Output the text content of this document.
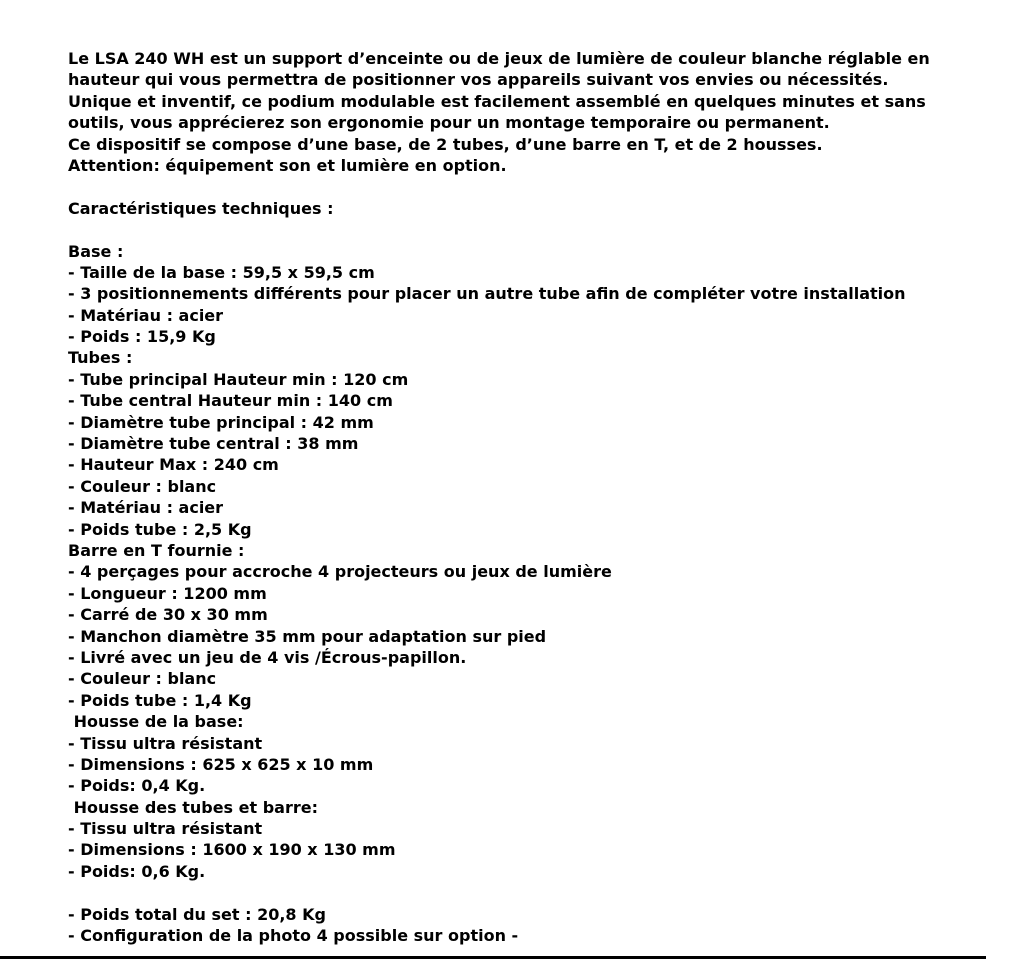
Le LSA 240 WH est un support d’enceinte ou de jeux de lumière de couleur blanche réglable en
hauteur qui vous permettra de positionner vos appareils suivant vos envies ou nécessités.
Unique et inventif, ce podium modulable est facilement assemblé en quelques minutes et sans
outils, vous apprécierez son ergonomie pour un montage temporaire ou permanent.
Ce dispositif se compose d’une base, de 2 tubes, d’une barre en T, et de 2 housses.
Attention: équipement son et lumière en option.
Caractéristiques techniques :
Base :
- Taille de la base : 59,5 x 59,5 cm
- 3 positionnements différents pour placer un autre tube afin de compléter votre installation
- Matériau : acier
- Poids : 15,9 Kg
Tubes :
- Tube principal Hauteur min : 120 cm
- Tube central Hauteur min : 140 cm
- Diamètre tube principal : 42 mm
- Diamètre tube central : 38 mm
- Hauteur Max : 240 cm
- Couleur : blanc
- Matériau : acier
- Poids tube : 2,5 Kg
Barre en T fournie :
- 4 perçages pour accroche 4 projecteurs ou jeux de lumière
- Longueur : 1200 mm
- Carré de 30 x 30 mm
- Manchon diamètre 35 mm pour adaptation sur pied
- Livré avec un jeu de 4 vis /Écrous-papillon.
- Couleur : blanc
- Poids tube : 1,4 Kg
Housse de la base:
- Tissu ultra résistant
- Dimensions : 625 x 625 x 10 mm
- Poids: 0,4 Kg.
Housse des tubes et barre:
- Tissu ultra résistant
- Dimensions : 1600 x 190 x 130 mm
- Poids: 0,6 Kg.
- Poids total du set : 20,8 Kg
- Configuration de la photo 4 possible sur option -
